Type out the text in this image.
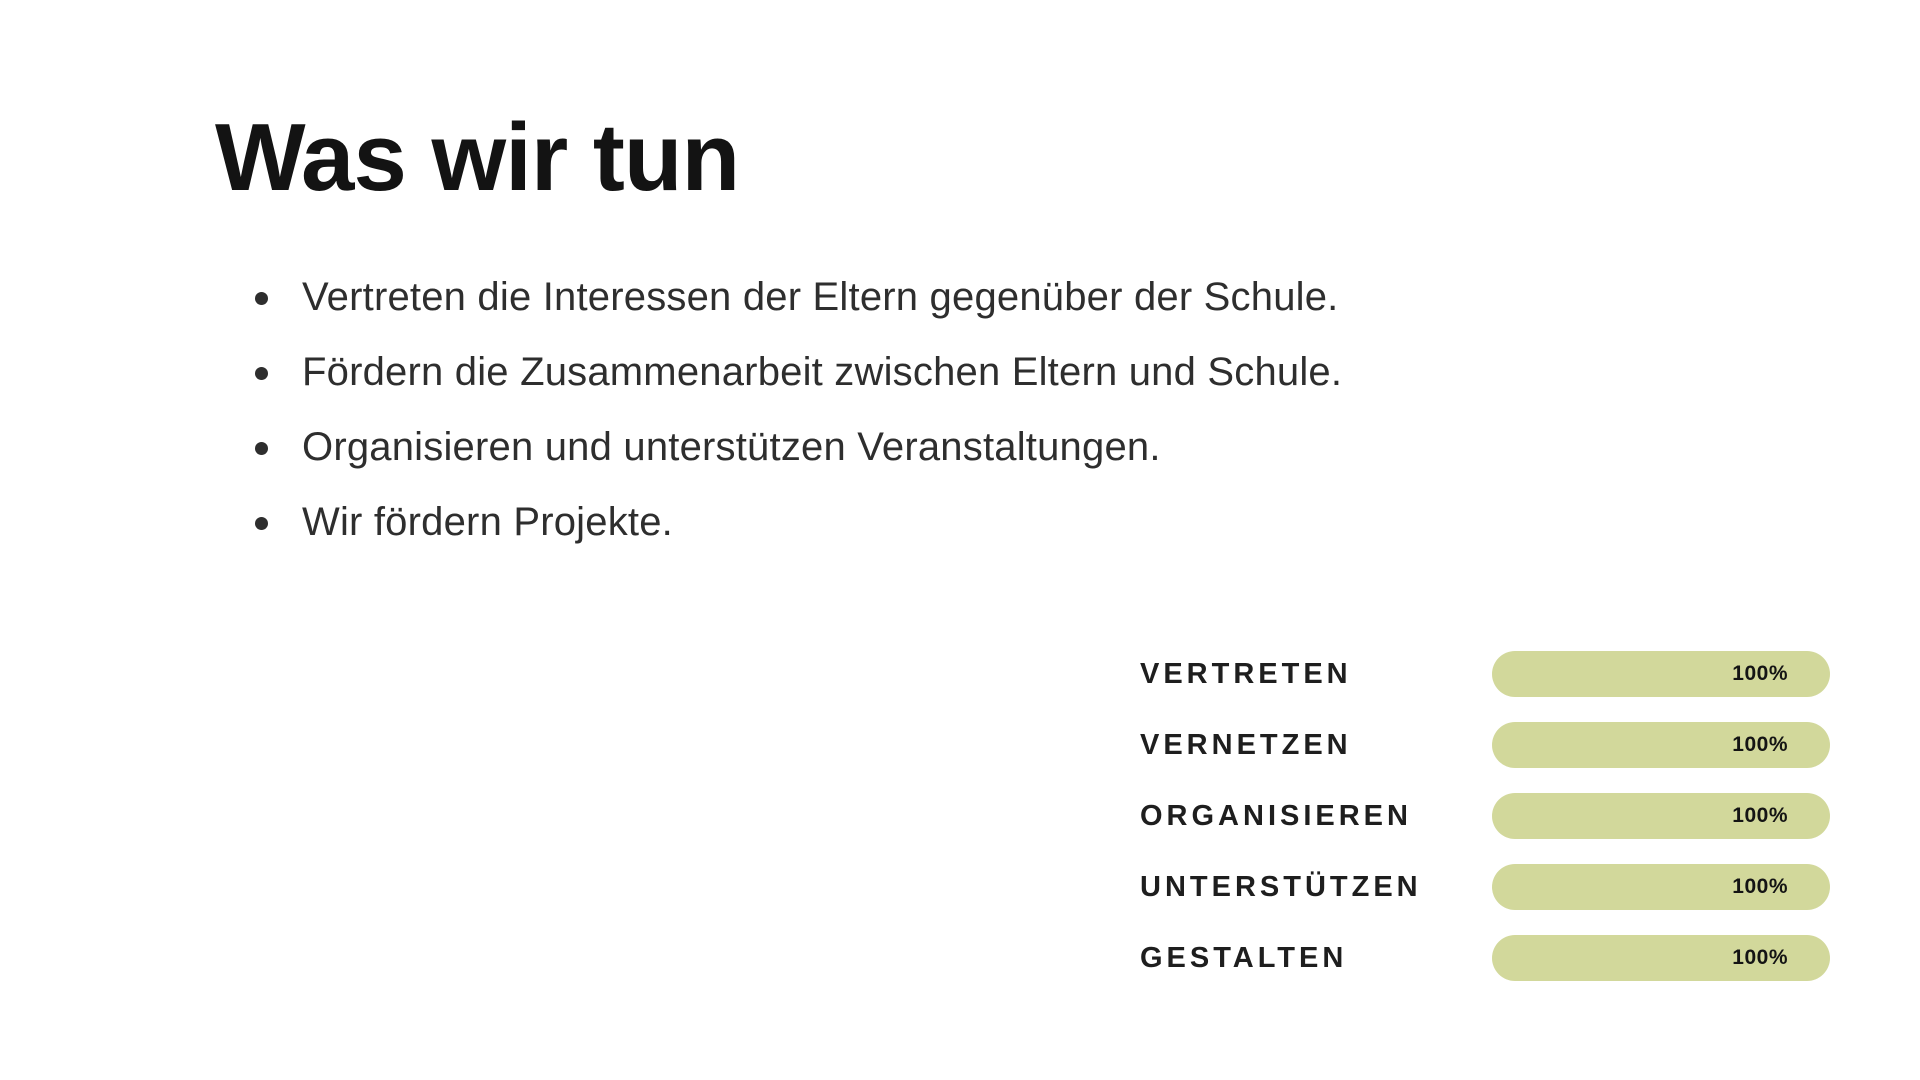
Was wir tun
Vertreten die Interessen der Eltern gegenüber der Schule.
Fördern die Zusammenarbeit zwischen Eltern und Schule.
Organisieren und unterstützen Veranstaltungen.
Wir fördern Projekte.
VERTRETEN	100%
VERNETZEN	100%
ORGANISIEREN	100%
UNTERSTÜTZEN	100%
GESTALTEN	100%
